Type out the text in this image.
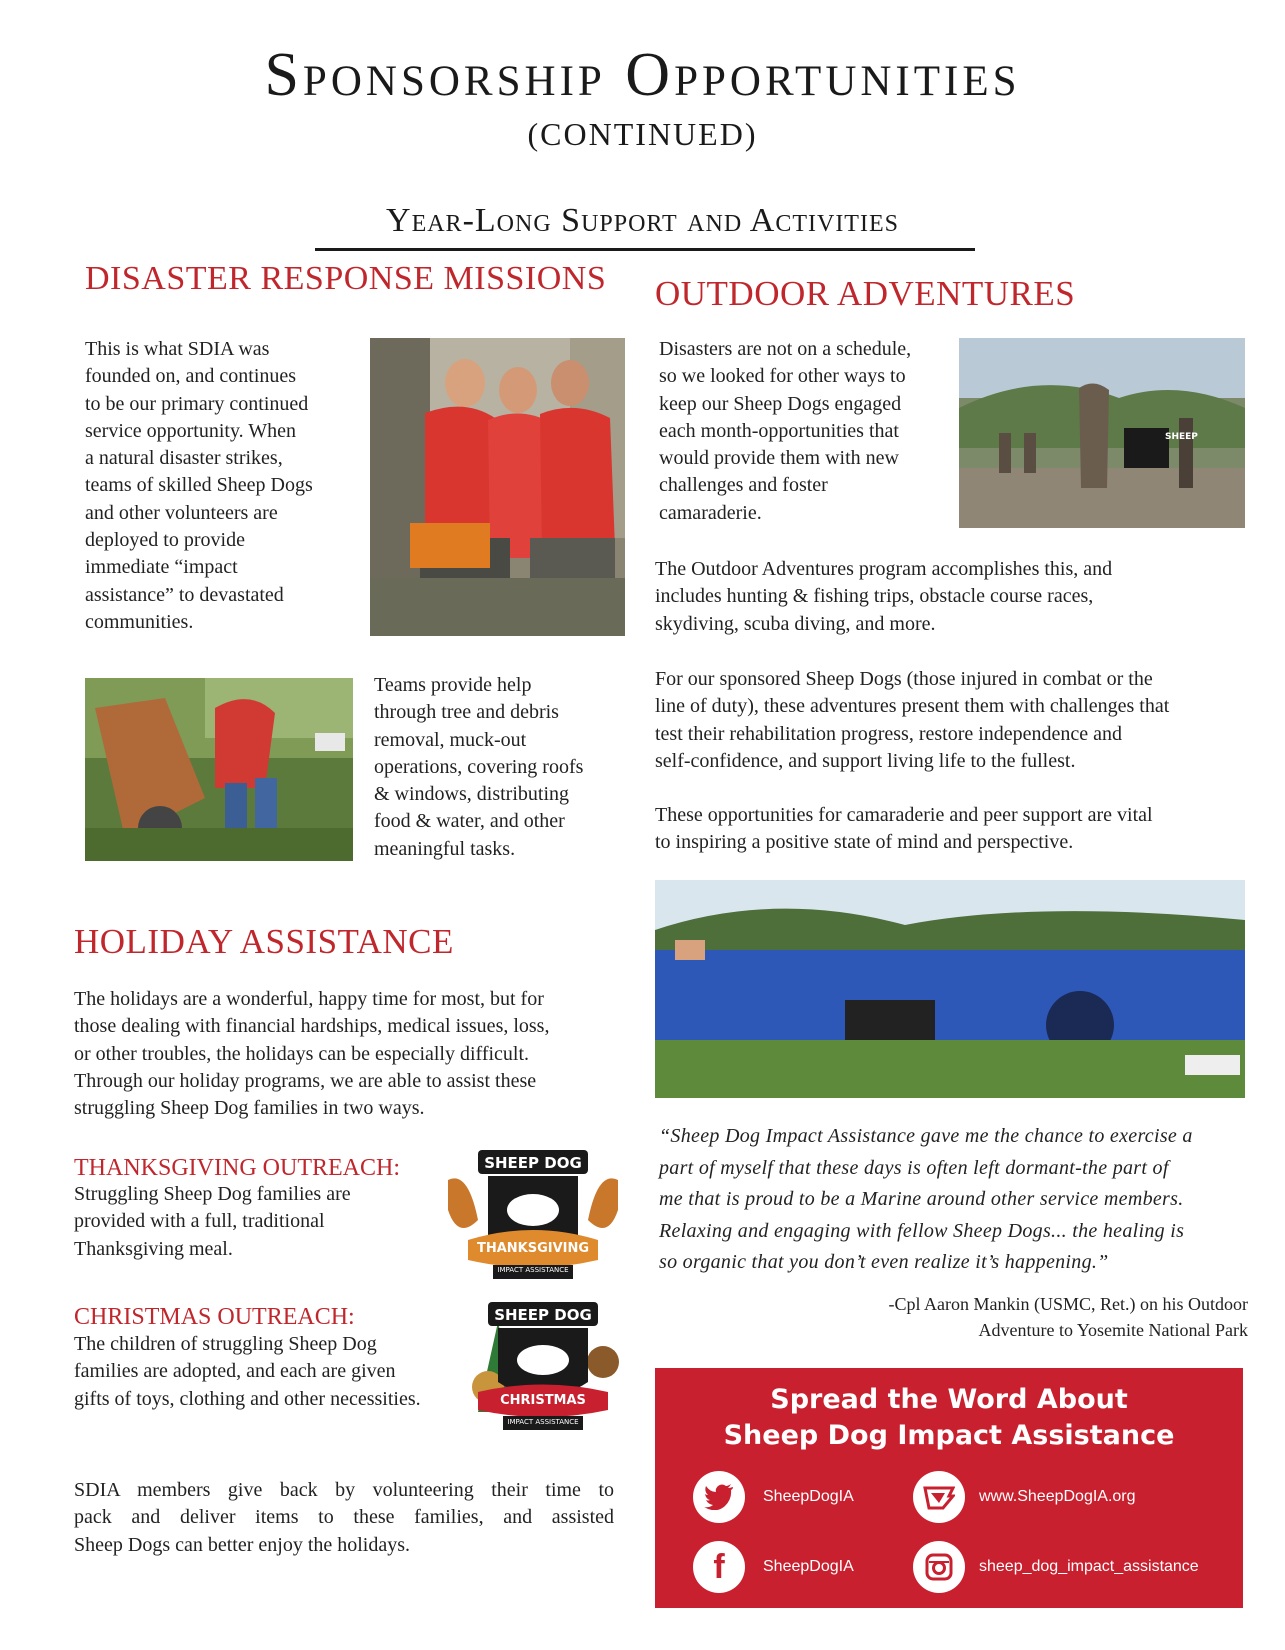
Sponsorship Opportunities
(CONTINUED)
Year-Long Support and Activities
DISASTER RESPONSE MISSIONS
This is what SDIA was
founded on, and continues
to be our primary continued
service opportunity. When
a natural disaster strikes,
teams of skilled Sheep Dogs
and other volunteers are
deployed to provide
immediate “impact
assistance” to devastated
communities.
Teams provide help
through tree and debris
removal, muck-out
operations, covering roofs
& windows, distributing
food & water, and other
meaningful tasks.
OUTDOOR ADVENTURES
Disasters are not on a schedule,
so we looked for other ways to
keep our Sheep Dogs engaged
each month-opportunities that
would provide them with new
challenges and foster
camaraderie.
SHEEP
The Outdoor Adventures program accomplishes this, and
includes hunting & fishing trips, obstacle course races,
skydiving, scuba diving, and more.
For our sponsored Sheep Dogs (those injured in combat or the
line of duty), these adventures present them with challenges that
test their rehabilitation progress, restore independence and
self-confidence, and support living life to the fullest.
These opportunities for camaraderie and peer support are vital
to inspiring a positive state of mind and perspective.
“Sheep Dog Impact Assistance gave me the chance to exercise a
part of myself that these days is often left dormant-the part of
me that is proud to be a Marine around other service members.
Relaxing and engaging with fellow Sheep Dogs... the healing is
so organic that you don’t even realize it’s happening.”
-Cpl Aaron Mankin (USMC, Ret.) on his Outdoor
Adventure to Yosemite National Park
HOLIDAY ASSISTANCE
The holidays are a wonderful, happy time for most, but for
those dealing with financial hardships, medical issues, loss,
or other troubles, the holidays can be especially difficult.
Through our holiday programs, we are able to assist these
struggling Sheep Dog families in two ways.
THANKSGIVING OUTREACH:
Struggling Sheep Dog families are
provided with a full, traditional
Thanksgiving meal.
SHEEP DOG
THANKSGIVING
IMPACT ASSISTANCE
CHRISTMAS OUTREACH:
The children of struggling Sheep Dog
families are adopted, and each are given
gifts of toys, clothing and other necessities.
SHEEP DOG
CHRISTMAS
IMPACT ASSISTANCE
SDIA members give back by volunteering their time to
pack and deliver items to these families, and assisted
Sheep Dogs can better enjoy the holidays.
Spread the Word About
Sheep Dog Impact Assistance
SheepDogIA	www.SheepDogIA.org
f SheepDogIA	sheep_dog_impact_assistance
